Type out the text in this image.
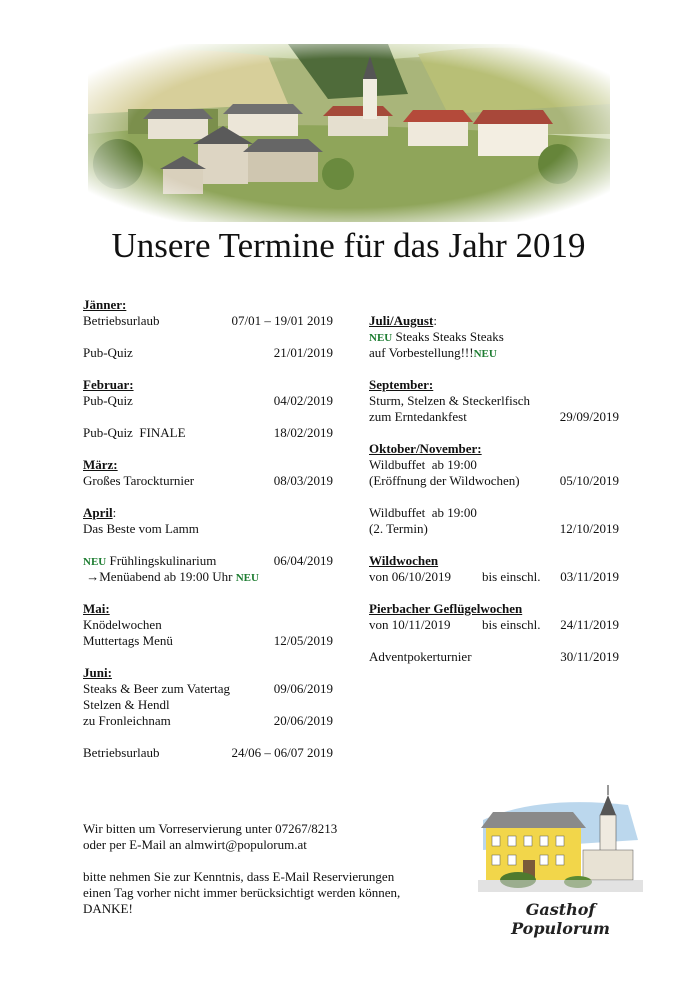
Unsere Termine für das Jahr 2019
Jänner:
Betriebsurlaub	07/01 – 19/01 2019
Pub-Quiz	21/01/2019
Februar:
Pub-Quiz	04/02/2019
Pub-Quiz  FINALE	18/02/2019
März:
Großes Tarockturnier	08/03/2019
April:
Das Beste vom Lamm
NEU Frühlingskulinarium	06/04/2019
→Menüabend ab 19:00 Uhr NEU
Mai:
Knödelwochen
Muttertags Menü	12/05/2019
Juni:
Steaks & Beer zum Vatertag	09/06/2019
Stelzen & Hendl
zu Fronleichnam	20/06/2019
Betriebsurlaub	24/06 – 06/07 2019
Juli/August:
NEU Steaks Steaks Steaks
auf Vorbestellung!!!NEU
September:
Sturm, Stelzen & Steckerlfisch
zum Erntedankfest	29/09/2019
Oktober/November:
Wildbuffet  ab 19:00
(Eröffnung der Wildwochen)	05/10/2019
Wildbuffet  ab 19:00
(2. Termin)	12/10/2019
Wildwochen
von 06/10/2019 bis einschl. 03/11/2019
Pierbacher Geflügelwochen
von 10/11/2019 bis einschl. 24/11/2019
Adventpokerturnier	30/11/2019
Wir bitten um Vorreservierung unter 07267/8213
oder per E-Mail an almwirt@populorum.at
bitte nehmen Sie zur Kenntnis, dass E-Mail Reservierungen
einen Tag vorher nicht immer berücksichtigt werden können,
DANKE!	Gasthof Populorum
